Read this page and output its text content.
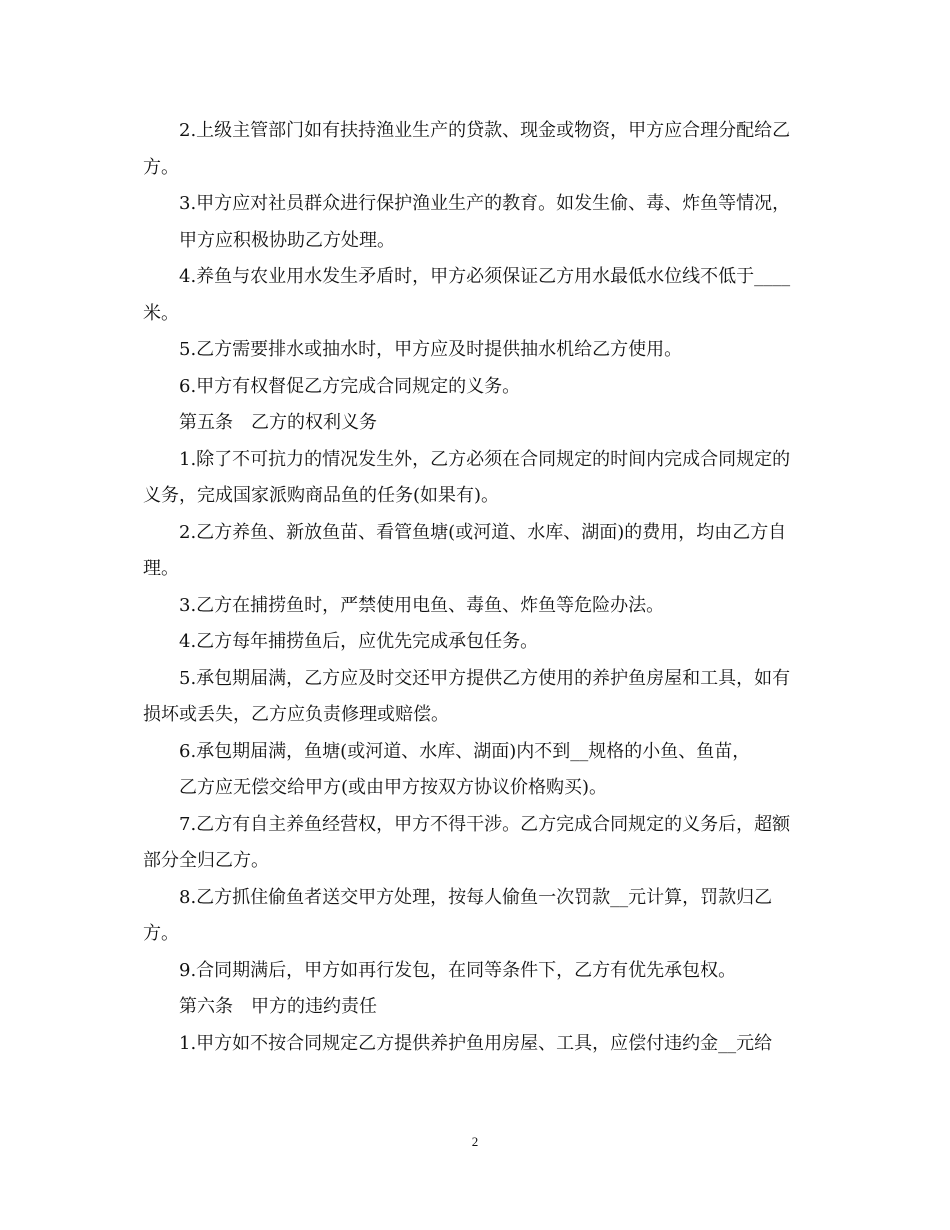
2.上级主管部门如有扶持渔业生产的贷款、现金或物资，甲方应合理分配给乙方。

3.甲方应对社员群众进行保护渔业生产的教育。如发生偷、毒、炸鱼等情况，

甲方应积极协助乙方处理。

4.养鱼与农业用水发生矛盾时，甲方必须保证乙方用水最低水位线不低于____米。

5.乙方需要排水或抽水时，甲方应及时提供抽水机给乙方使用。

6.甲方有权督促乙方完成合同规定的义务。

第五条　乙方的权利义务

1.除了不可抗力的情况发生外，乙方必须在合同规定的时间内完成合同规定的义务，完成国家派购商品鱼的任务(如果有)。

2.乙方养鱼、新放鱼苗、看管鱼塘(或河道、水库、湖面)的费用，均由乙方自理。

3.乙方在捕捞鱼时，严禁使用电鱼、毒鱼、炸鱼等危险办法。

4.乙方每年捕捞鱼后，应优先完成承包任务。

5.承包期届满，乙方应及时交还甲方提供乙方使用的养护鱼房屋和工具，如有损坏或丢失，乙方应负责修理或赔偿。

6.承包期届满，鱼塘(或河道、水库、湖面)内不到__规格的小鱼、鱼苗，

乙方应无偿交给甲方(或由甲方按双方协议价格购买)。

7.乙方有自主养鱼经营权，甲方不得干涉。乙方完成合同规定的义务后，超额部分全归乙方。

8.乙方抓住偷鱼者送交甲方处理，按每人偷鱼一次罚款__元计算，罚款归乙方。

9.合同期满后，甲方如再行发包，在同等条件下，乙方有优先承包权。

第六条　甲方的违约责任

1.甲方如不按合同规定乙方提供养护鱼用房屋、工具，应偿付违约金__元给

2
